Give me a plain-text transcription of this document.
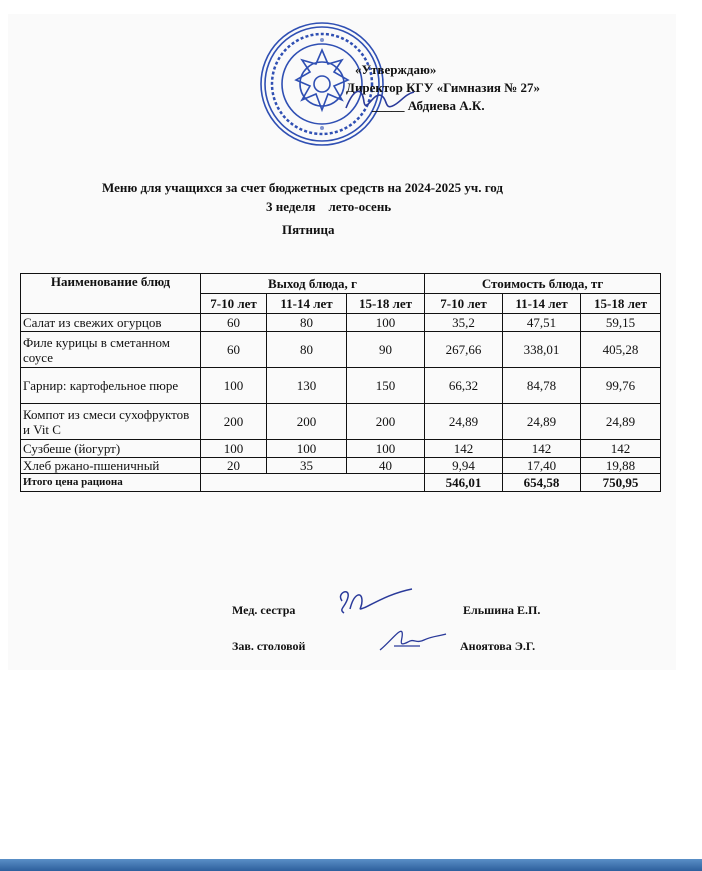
«Утверждаю»
Директор КГУ «Гимназия № 27»
_____ Абдиева А.К.
Меню для учащихся за счет бюджетных средств на 2024-2025 уч. год
3 неделя    лето-осень
Пятница
Наименование блюд	Выход блюда, г			Стоимость блюда, тг		
	7-10 лет	11-14 лет	15-18 лет	7-10 лет	11-14 лет	15-18 лет
Салат из свежих огурцов	60	80	100	35,2	47,51	59,15
Филе курицы в сметанном соусе	60	80	90	267,66	338,01	405,28
Гарнир: картофельное пюре	100	130	150	66,32	84,78	99,76
Компот из смеси сухофруктов и Vit C	200	200	200	24,89	24,89	24,89
Сузбеше (йогурт)	100	100	100	142	142	142
Хлеб ржано-пшеничный	20	35	40	9,94	17,40	19,88
Итого цена рациона				546,01	654,58	750,95
Мед. сестра	Ельшина Е.П.
Зав. столовой	Аноятова Э.Г.
